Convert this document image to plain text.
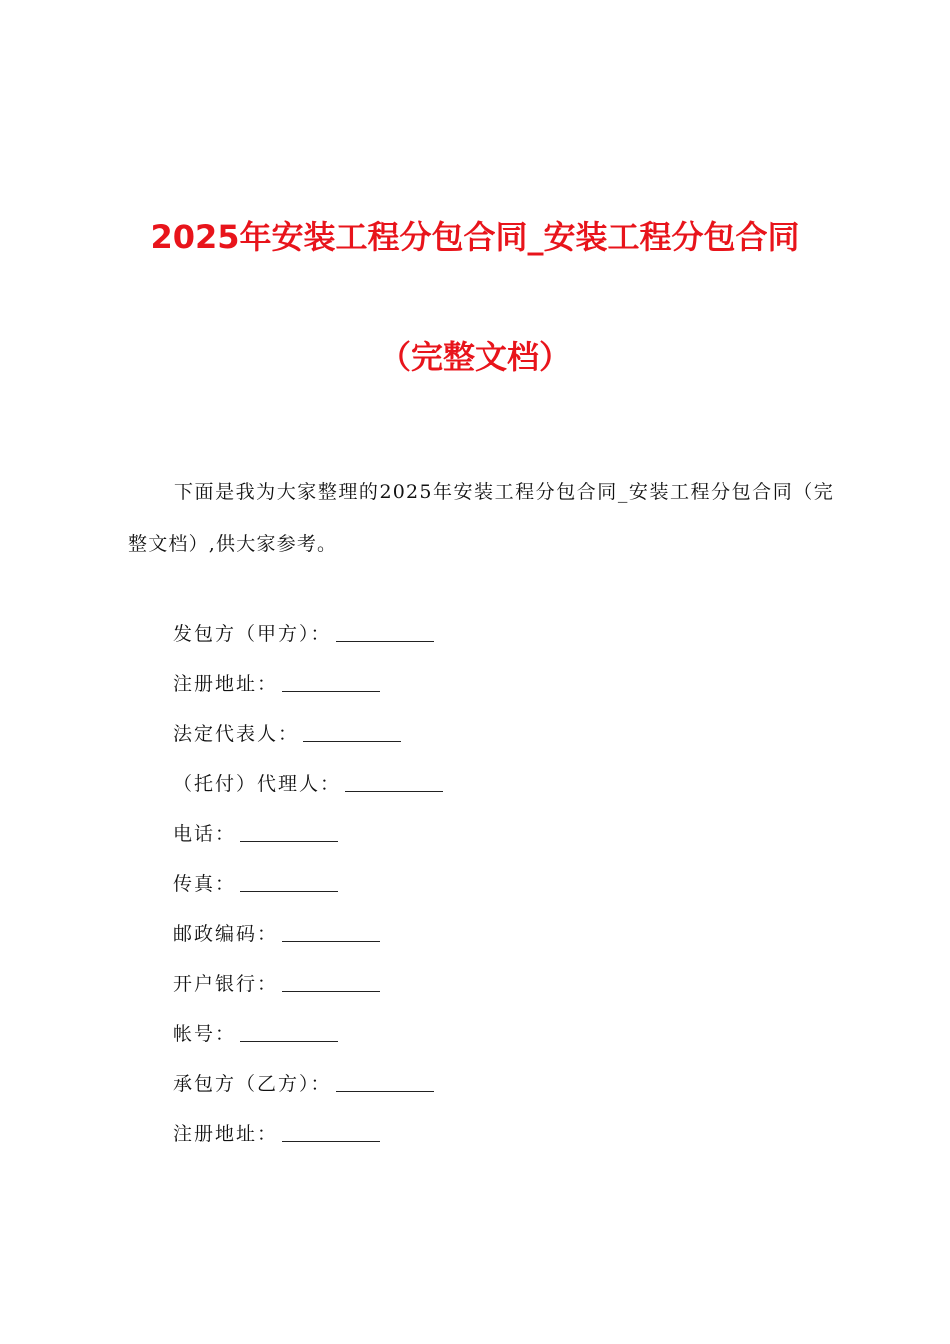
2025年安装工程分包合同_安装工程分包合同
（完整文档）

下面是我为大家整理的2025年安装工程分包合同_安装工程分包合同（完整文档）,供大家参考。

发包方（甲方）：
注册地址：
法定代表人：
（托付）代理人：
电话：
传真：
邮政编码：
开户银行：
帐号：
承包方（乙方）：
注册地址：
